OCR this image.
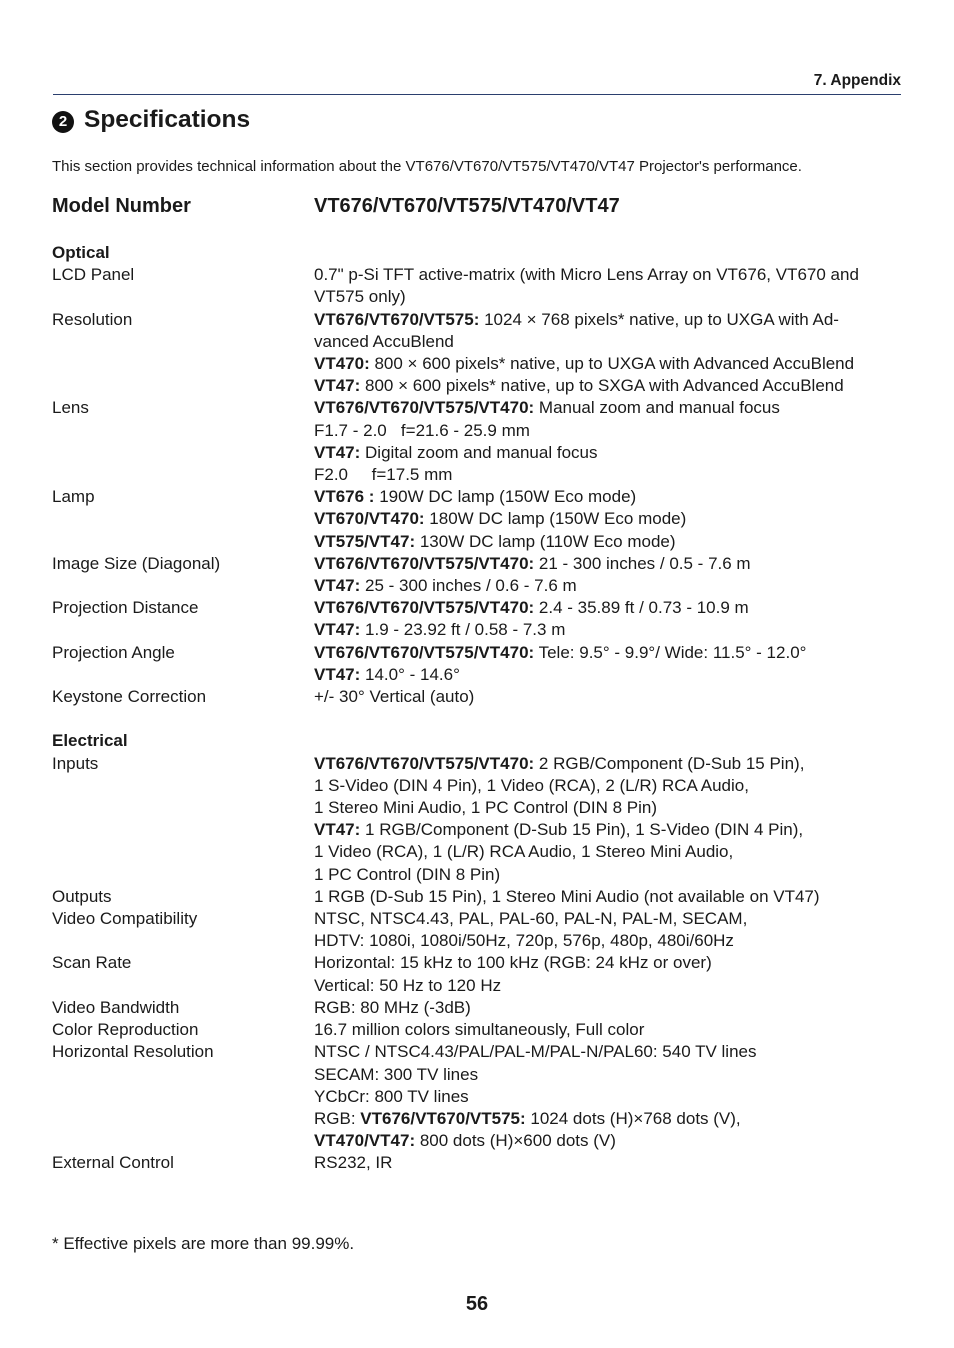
7. Appendix
2 Specifications
This section provides technical information about the VT676/VT670/VT575/VT470/VT47 Projector's performance.
Model Number	VT676/VT670/VT575/VT470/VT47
Optical
LCD Panel	0.7" p-Si TFT active-matrix (with Micro Lens Array on VT676, VT670 and
VT575 only)
Resolution	VT676/VT670/VT575: 1024 × 768 pixels* native, up to UXGA with Ad-
vanced AccuBlend
VT470: 800 × 600 pixels* native, up to UXGA with Advanced AccuBlend
VT47: 800 × 600 pixels* native, up to SXGA with Advanced AccuBlend
Lens	VT676/VT670/VT575/VT470: Manual zoom and manual focus
F1.7 - 2.0   f=21.6 - 25.9 mm
VT47: Digital zoom and manual focus
F2.0     f=17.5 mm
Lamp	VT676 : 190W DC lamp (150W Eco mode)
VT670/VT470: 180W DC lamp (150W Eco mode)
VT575/VT47: 130W DC lamp (110W Eco mode)
Image Size (Diagonal)	VT676/VT670/VT575/VT470: 21 - 300 inches / 0.5 - 7.6 m
VT47: 25 - 300 inches / 0.6 - 7.6 m
Projection Distance	VT676/VT670/VT575/VT470: 2.4 - 35.89 ft / 0.73 - 10.9 m
VT47: 1.9 - 23.92 ft / 0.58 - 7.3 m
Projection Angle	VT676/VT670/VT575/VT470: Tele: 9.5° - 9.9°/ Wide: 11.5° - 12.0°
VT47: 14.0° - 14.6°
Keystone Correction	+/- 30° Vertical (auto)
Electrical
Inputs	VT676/VT670/VT575/VT470: 2 RGB/Component (D-Sub 15 Pin),
1 S-Video (DIN 4 Pin), 1 Video (RCA), 2 (L/R) RCA Audio,
1 Stereo Mini Audio, 1 PC Control (DIN 8 Pin)
VT47: 1 RGB/Component (D-Sub 15 Pin), 1 S-Video (DIN 4 Pin),
1 Video (RCA), 1 (L/R) RCA Audio, 1 Stereo Mini Audio,
1 PC Control (DIN 8 Pin)
Outputs	1 RGB (D-Sub 15 Pin), 1 Stereo Mini Audio (not available on VT47)
Video Compatibility	NTSC, NTSC4.43, PAL, PAL-60, PAL-N, PAL-M, SECAM,
HDTV: 1080i, 1080i/50Hz, 720p, 576p, 480p, 480i/60Hz
Scan Rate	Horizontal: 15 kHz to 100 kHz (RGB: 24 kHz or over)
Vertical: 50 Hz to 120 Hz
Video Bandwidth	RGB: 80 MHz (-3dB)
Color Reproduction	16.7 million colors simultaneously, Full color
Horizontal Resolution	NTSC / NTSC4.43/PAL/PAL-M/PAL-N/PAL60: 540 TV lines
SECAM: 300 TV lines
YCbCr: 800 TV lines
RGB: VT676/VT670/VT575: 1024 dots (H)×768 dots (V),
VT470/VT47: 800 dots (H)×600 dots (V)
External Control	RS232, IR
* Effective pixels are more than 99.99%.
56
